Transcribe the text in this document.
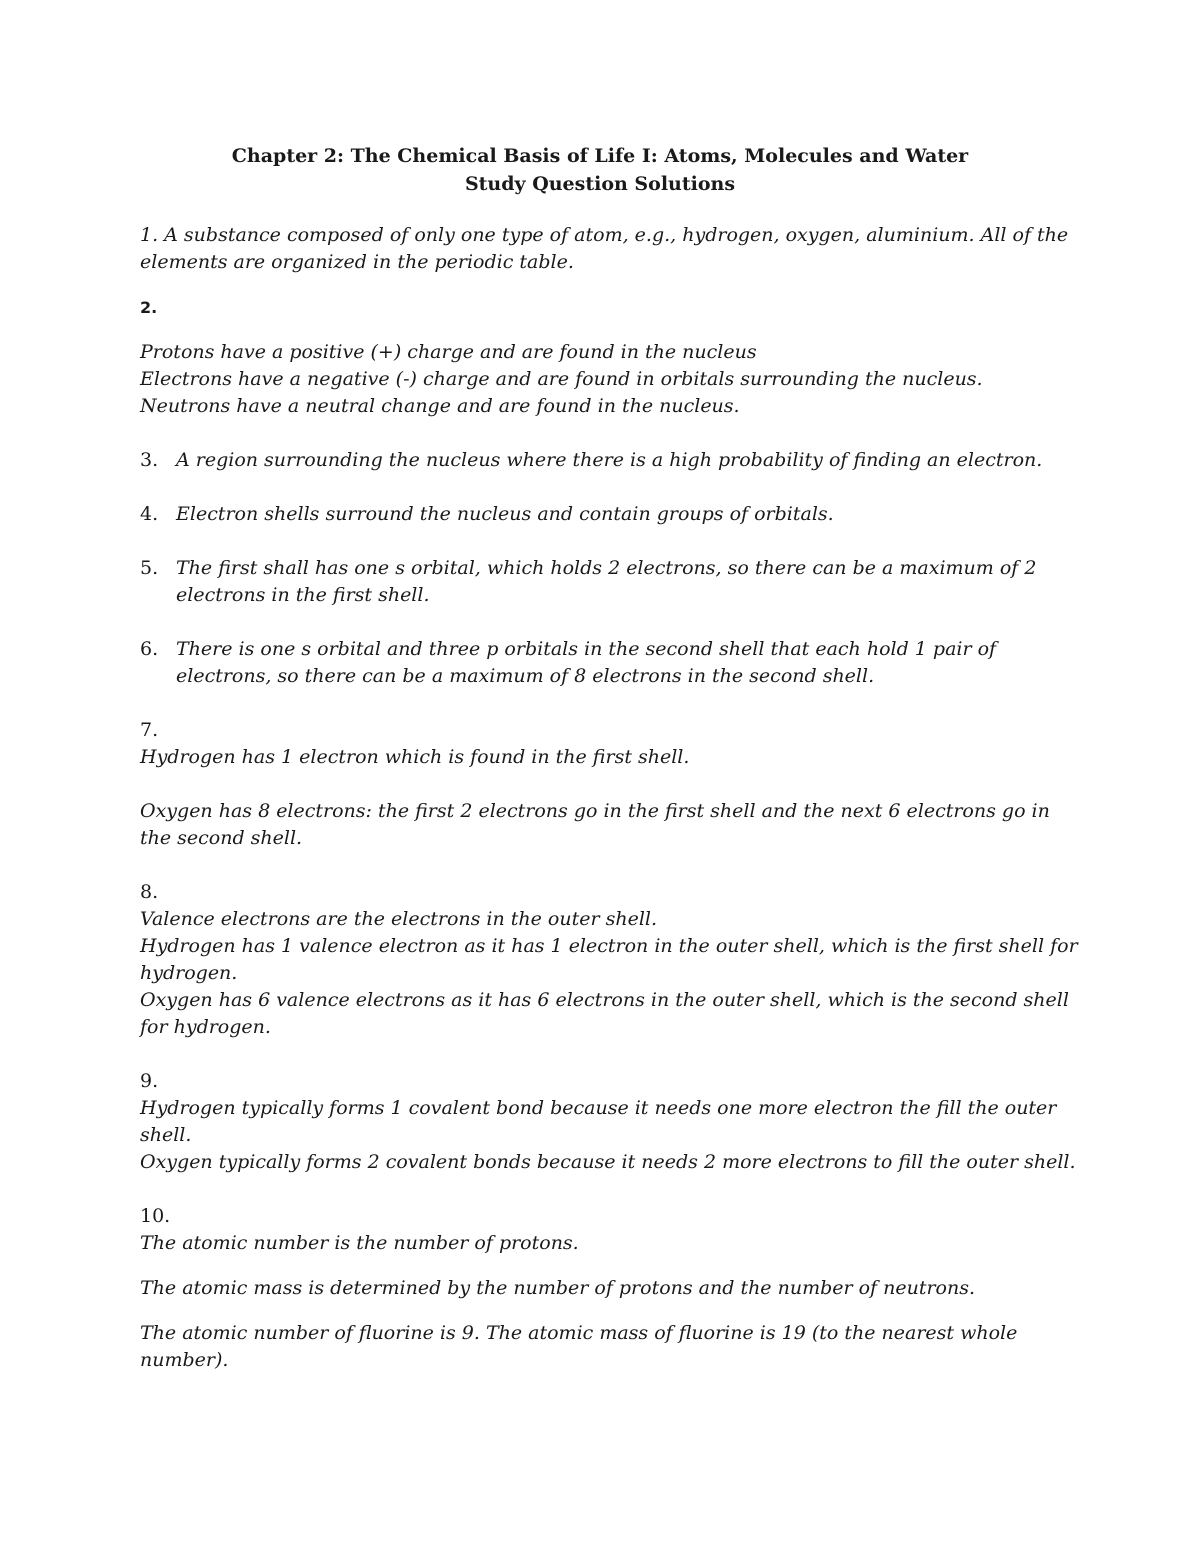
Chapter 2: The Chemical Basis of Life I: Atoms, Molecules and Water
Study Question Solutions

1. A substance composed of only one type of atom, e.g., hydrogen, oxygen, aluminium. All of the elements are organized in the periodic table.

2.

Protons have a positive (+) charge and are found in the nucleus

Electrons have a negative (-) charge and are found in orbitals surrounding the nucleus.

Neutrons have a neutral change and are found in the nucleus.

3. A region surrounding the nucleus where there is a high probability of finding an electron.
4. Electron shells surround the nucleus and contain groups of orbitals.
5. The first shall has one s orbital, which holds 2 electrons, so there can be a maximum of 2 electrons in the first shell.
6. There is one s orbital and three p orbitals in the second shell that each hold 1 pair of electrons, so there can be a maximum of 8 electrons in the second shell.

7.

Hydrogen has 1 electron which is found in the first shell.

Oxygen has 8 electrons: the first 2 electrons go in the first shell and the next 6 electrons go in the second shell.

8.

Valence electrons are the electrons in the outer shell.

Hydrogen has 1 valence electron as it has 1 electron in the outer shell, which is the first shell for hydrogen.

Oxygen has 6 valence electrons as it has 6 electrons in the outer shell, which is the second shell for hydrogen.

9.

Hydrogen typically forms 1 covalent bond because it needs one more electron the fill the outer shell.

Oxygen typically forms 2 covalent bonds because it needs 2 more electrons to fill the outer shell.

10.

The atomic number is the number of protons.

The atomic mass is determined by the number of protons and the number of neutrons.

The atomic number of fluorine is 9. The atomic mass of fluorine is 19 (to the nearest whole number).
